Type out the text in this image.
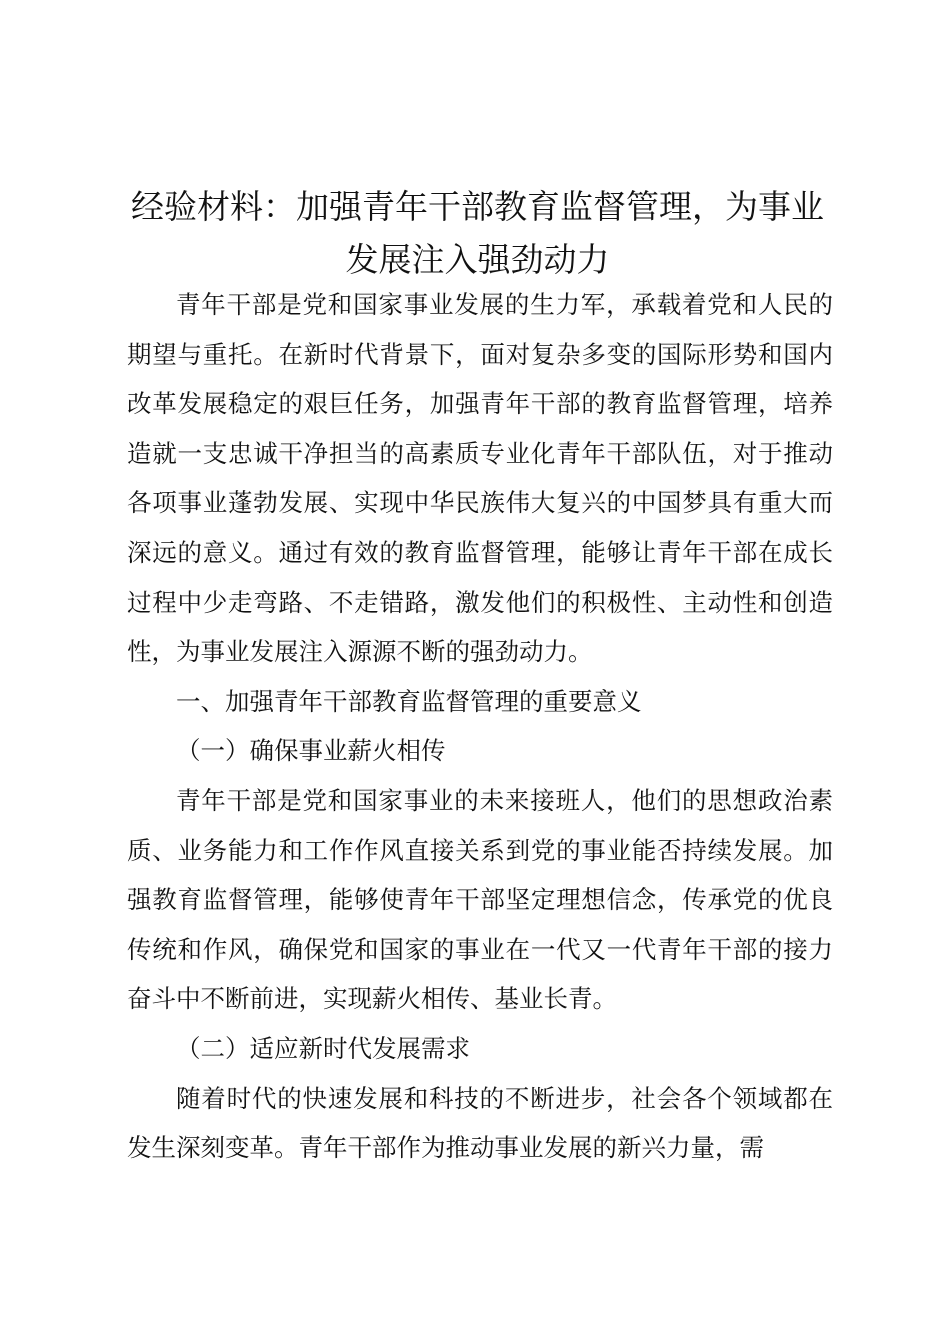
经验材料：加强青年干部教育监督管理，为事业发展注入强劲动力

青年干部是党和国家事业发展的生力军，承载着党和人民的期望与重托。在新时代背景下，面对复杂多变的国际形势和国内改革发展稳定的艰巨任务，加强青年干部的教育监督管理，培养造就一支忠诚干净担当的高素质专业化青年干部队伍，对于推动各项事业蓬勃发展、实现中华民族伟大复兴的中国梦具有重大而深远的意义。通过有效的教育监督管理，能够让青年干部在成长过程中少走弯路、不走错路，激发他们的积极性、主动性和创造性，为事业发展注入源源不断的强劲动力。

一、加强青年干部教育监督管理的重要意义

（一）确保事业薪火相传

青年干部是党和国家事业的未来接班人，他们的思想政治素质、业务能力和工作作风直接关系到党的事业能否持续发展。加强教育监督管理，能够使青年干部坚定理想信念，传承党的优良传统和作风，确保党和国家的事业在一代又一代青年干部的接力奋斗中不断前进，实现薪火相传、基业长青。

（二）适应新时代发展需求

随着时代的快速发展和科技的不断进步，社会各个领域都在发生深刻变革。青年干部作为推动事业发展的新兴力量，需
